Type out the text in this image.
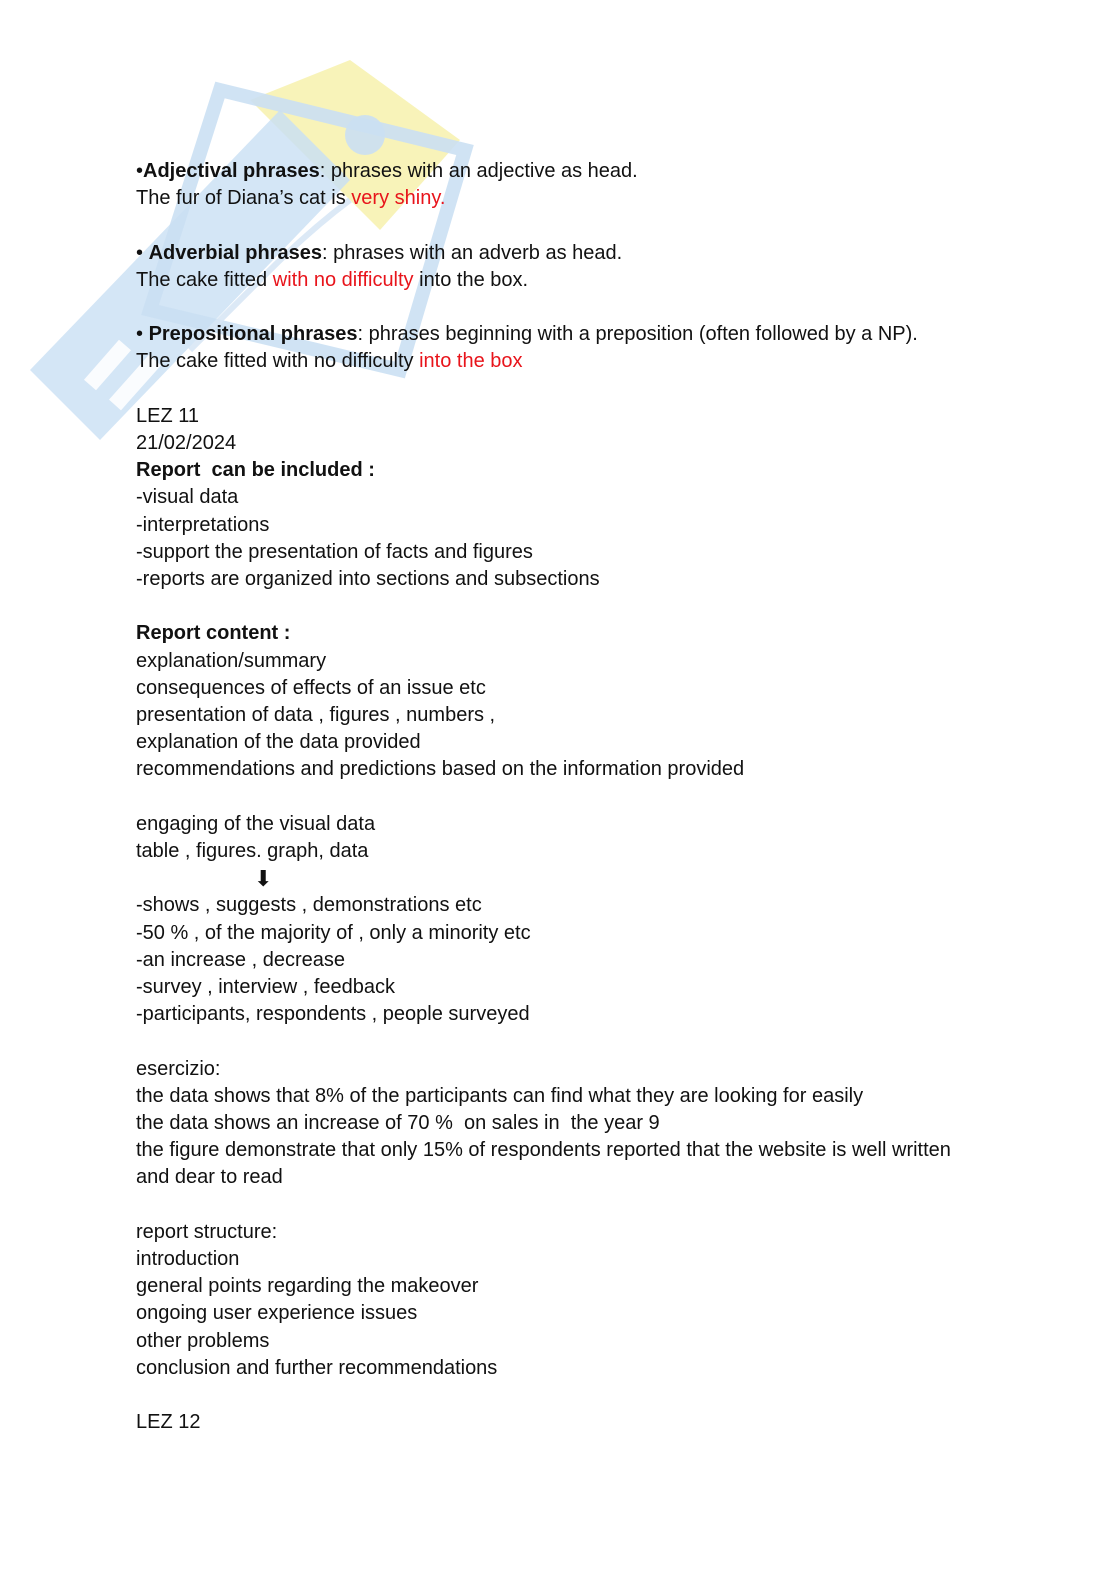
•Adjectival phrases: phrases with an adjective as head.
The fur of Diana’s cat is very shiny.
• Adverbial phrases: phrases with an adverb as head.
The cake fitted with no difficulty into the box.
• Prepositional phrases: phrases beginning with a preposition (often followed by a NP).
The cake fitted with no difficulty into the box
LEZ 11
21/02/2024
Report  can be included :
-visual data
-interpretations
-support the presentation of facts and figures
-reports are organized into sections and subsections
Report content :
explanation/summary
consequences of effects of an issue etc
presentation of data , figures , numbers ,
explanation of the data provided
recommendations and predictions based on the information provided
engaging of the visual data
table , figures. graph, data
⬇
-shows , suggests , demonstrations etc
-50 % , of the majority of , only a minority etc
-an increase , decrease
-survey , interview , feedback
-participants, respondents , people surveyed
esercizio:
the data shows that 8% of the participants can find what they are looking for easily
the data shows an increase of 70 %  on sales in  the year 9
the figure demonstrate that only 15% of respondents reported that the website is well written
and dear to read
report structure:
introduction
general points regarding the makeover
ongoing user experience issues
other problems
conclusion and further recommendations
LEZ 12
